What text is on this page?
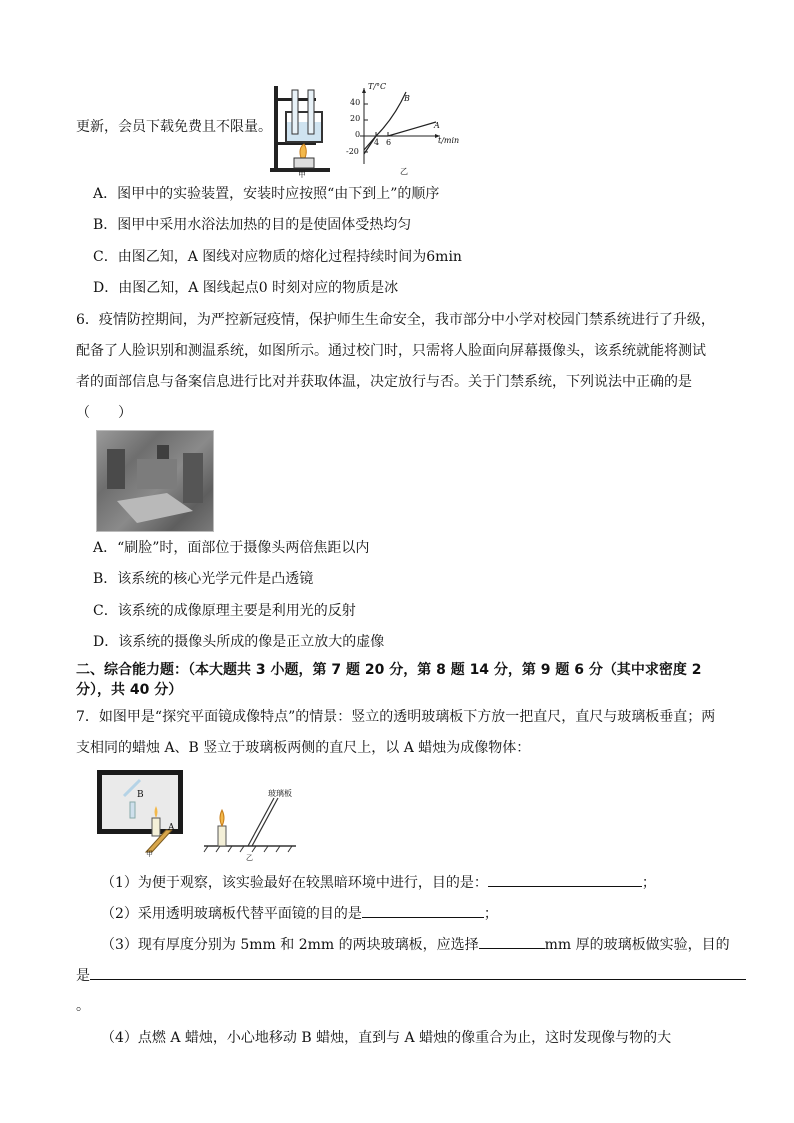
更新，会员下载免费且不限量。
甲
T/°C
40
20
0
-20
4 6	t/min
B
A
乙
A．图甲中的实验装置，安装时应按照“由下到上”的顺序
B．图甲中采用水浴法加热的目的是使固体受热均匀
C．由图乙知，A 图线对应物质的熔化过程持续时间为6min
D．由图乙知，A 图线起点0 时刻对应的物质是冰
6．疫情防控期间，为严控新冠疫情，保护师生生命安全，我市部分中小学对校园门禁系统进行了升级，
配备了人脸识别和测温系统，如图所示。通过校门时，只需将人脸面向屏幕摄像头，该系统就能将测试
者的面部信息与备案信息进行比对并获取体温，决定放行与否。关于门禁系统，下列说法中正确的是
（　　）
A．“刷脸”时，面部位于摄像头两倍焦距以内
B．该系统的核心光学元件是凸透镜
C．该系统的成像原理主要是利用光的反射
D．该系统的摄像头所成的像是正立放大的虚像
二、综合能力题：（本大题共 3 小题，第 7 题 20 分，第 8 题 14 分，第 9 题 6 分（其中求密度 2
分），共 40 分）
7．如图甲是“探究平面镜成像特点”的情景：竖立的透明玻璃板下方放一把直尺，直尺与玻璃板垂直；两
支相同的蜡烛 A、B 竖立于玻璃板两侧的直尺上，以 A 蜡烛为成像物体：
B
A
甲
玻璃板
乙
（1）为便于观察，该实验最好在较黑暗环境中进行，目的是：	；
（2）采用透明玻璃板代替平面镜的目的是	；
（3）现有厚度分别为 5mm 和 2mm 的两块玻璃板，应选择	mm 厚的玻璃板做实验，目的
是
。
（4）点燃 A 蜡烛，小心地移动 B 蜡烛，直到与 A 蜡烛的像重合为止，这时发现像与物的大
